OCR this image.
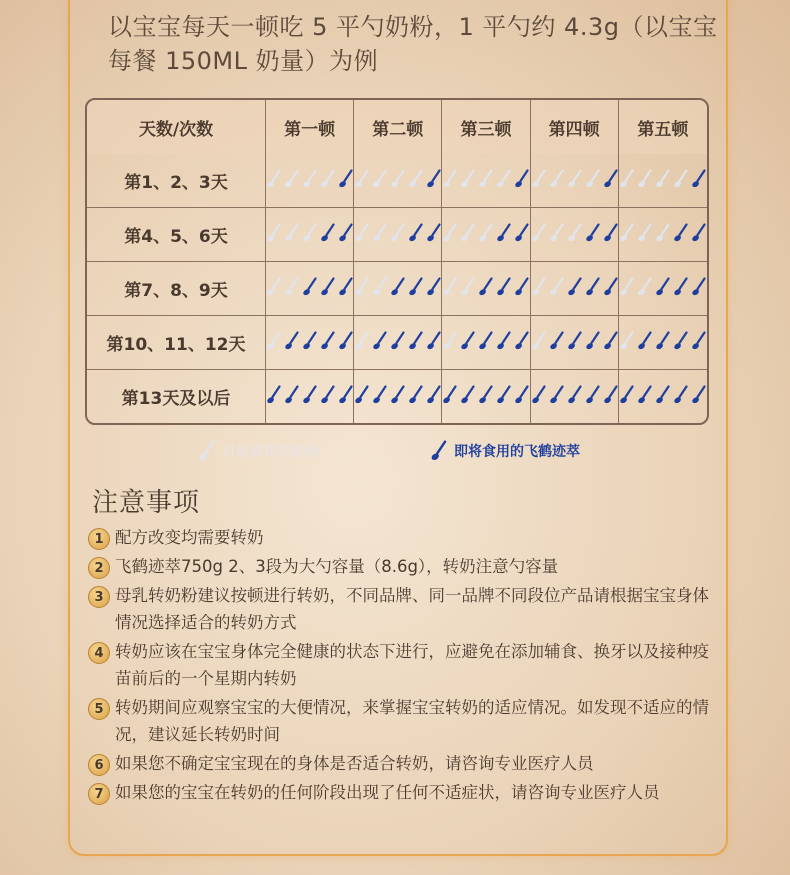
以宝宝每天一顿吃 5 平勺奶粉，1 平勺约 4.3g（以宝宝每餐 150ML 奶量）为例
天数/次数	第一顿	第二顿	第三顿	第四顿	第五顿
第1、2、3天	

第4、5、6天	

第7、8、9天	

第10、11、12天	

第13天及以后	

目前食用的奶粉	即将食用的飞鹤迹萃
注意事项
1 配方改变均需要转奶
2 飞鹤迹萃750g 2、3段为大勺容量（8.6g），转奶注意勺容量
3 母乳转奶粉建议按顿进行转奶，不同品牌、同一品牌不同段位产品请根据宝宝身体情况选择适合的转奶方式
4 转奶应该在宝宝身体完全健康的状态下进行，应避免在添加辅食、换牙以及接种疫苗前后的一个星期内转奶
5 转奶期间应观察宝宝的大便情况，来掌握宝宝转奶的适应情况。如发现不适应的情况，建议延长转奶时间
6 如果您不确定宝宝现在的身体是否适合转奶，请咨询专业医疗人员
7 如果您的宝宝在转奶的任何阶段出现了任何不适症状，请咨询专业医疗人员
